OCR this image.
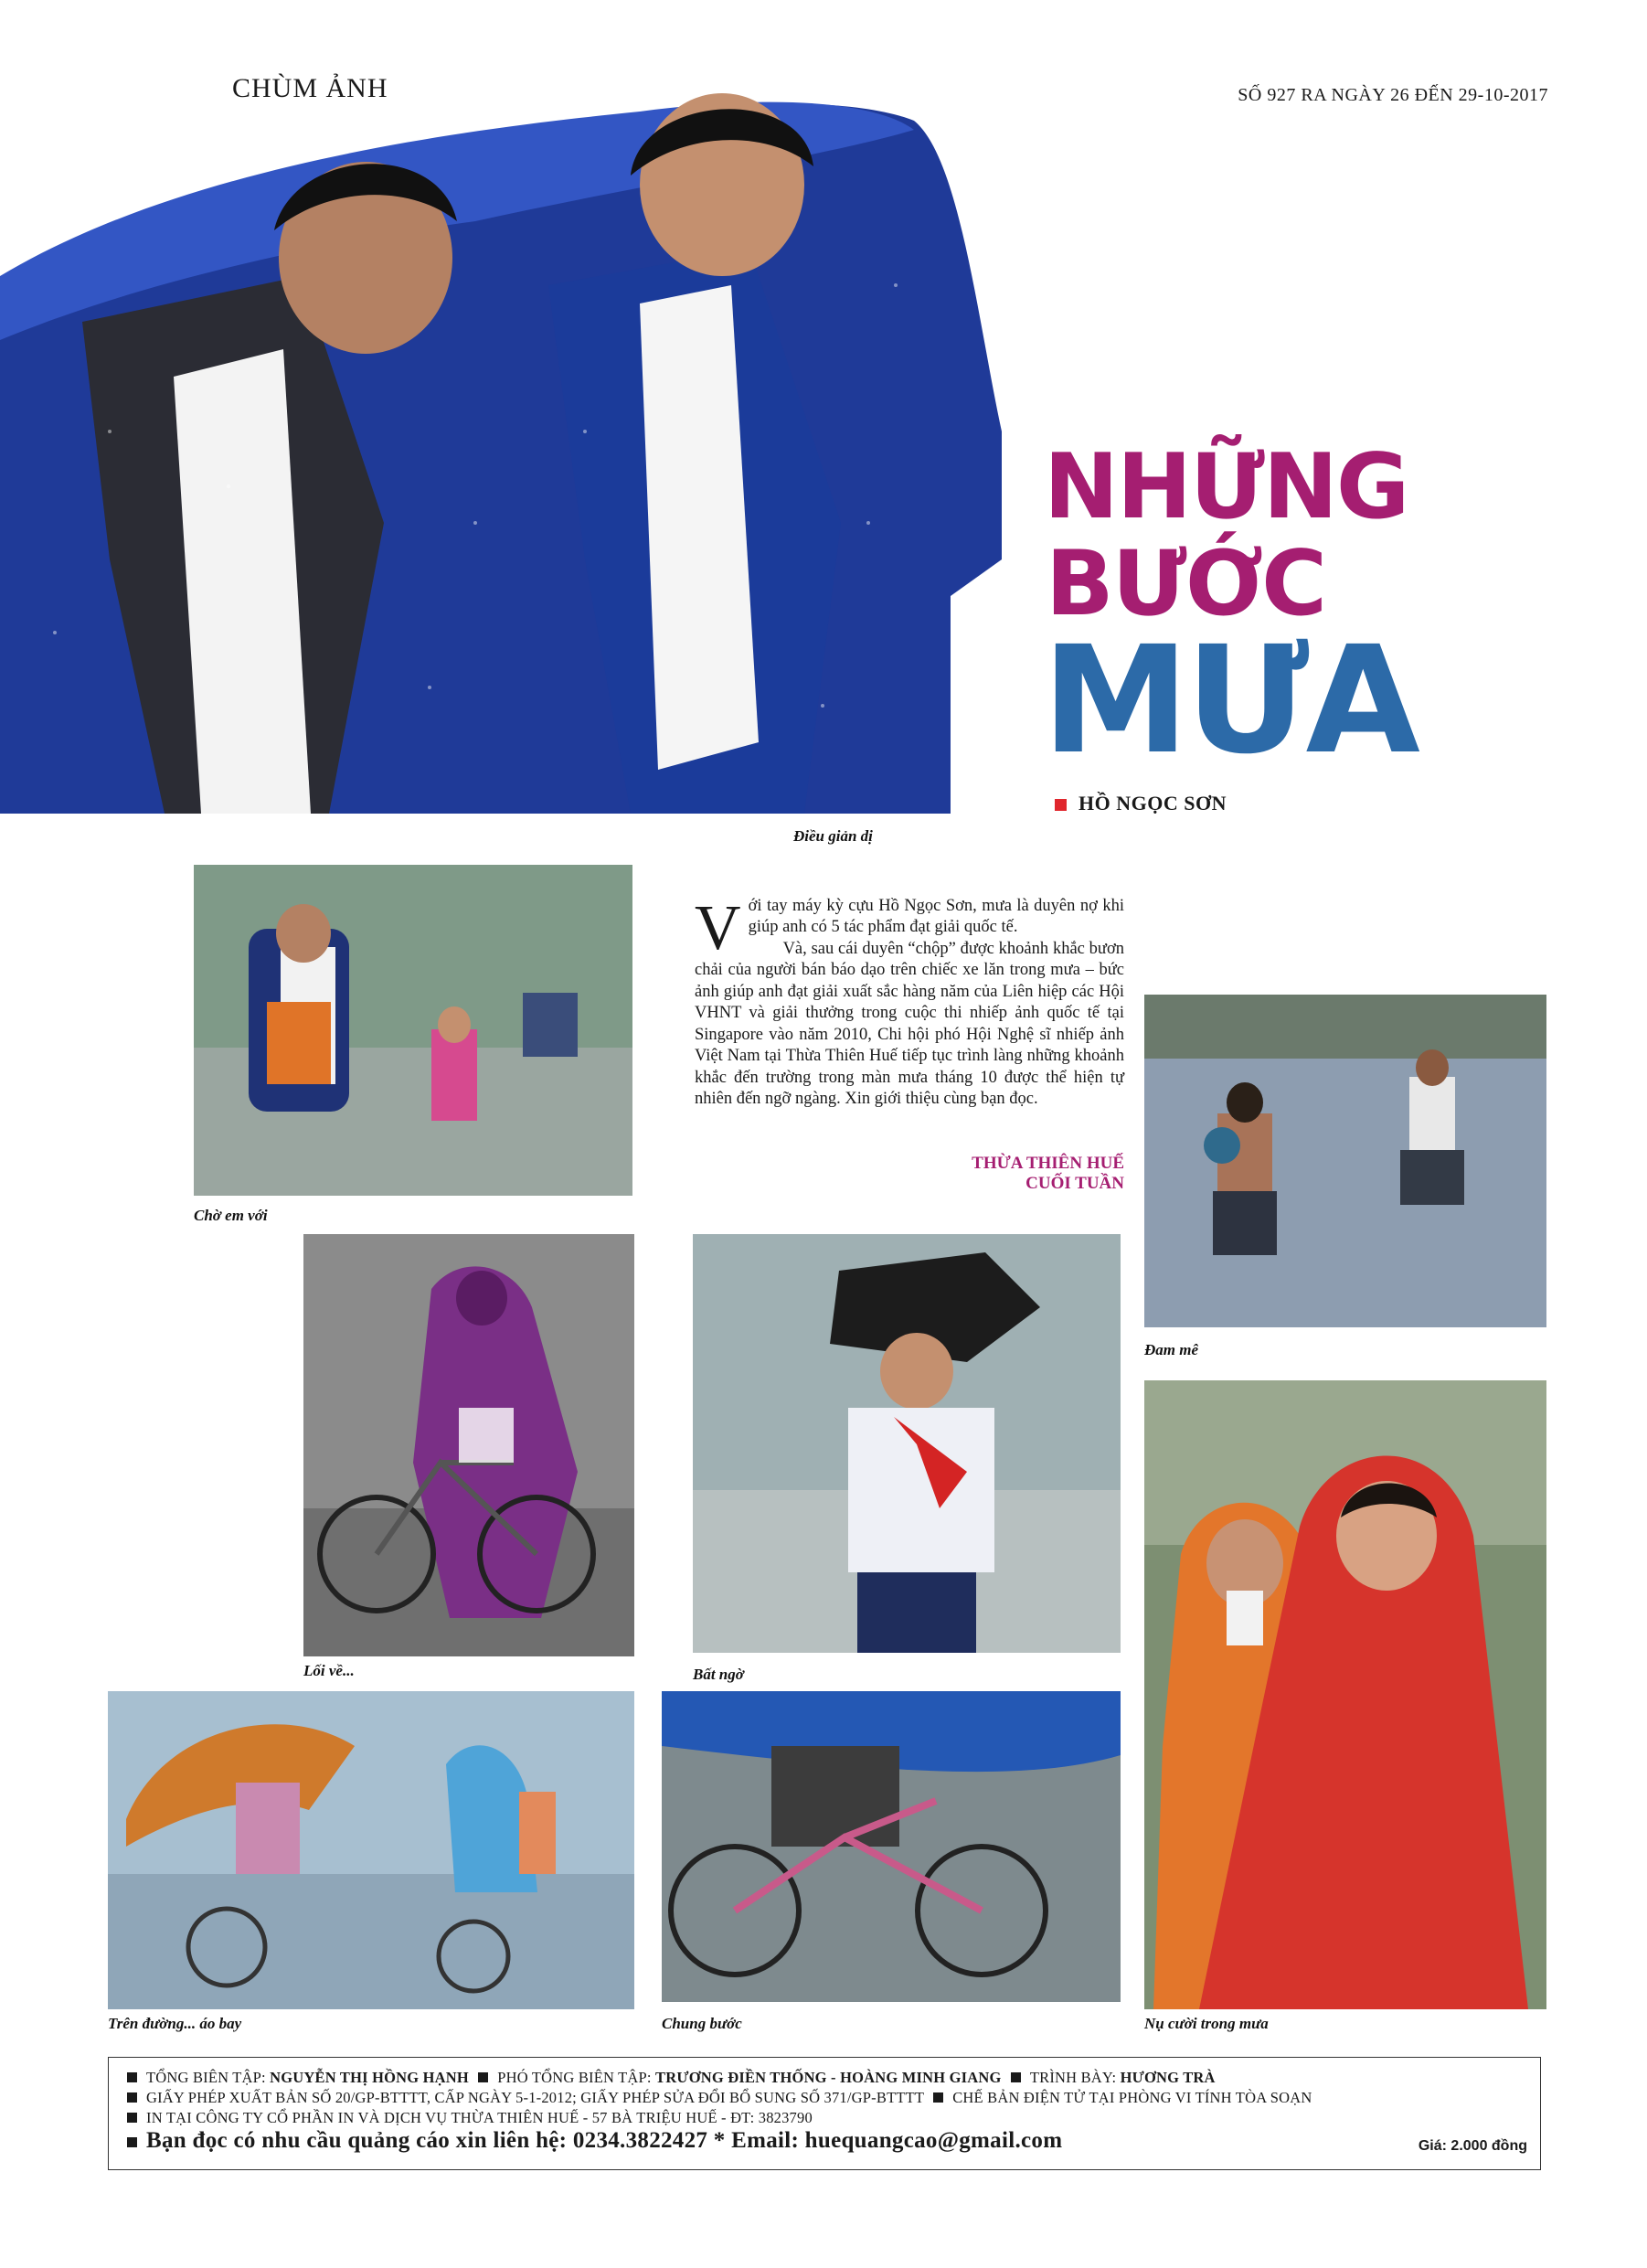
CHÙM ẢNH	SỐ 927 RA NGÀY 26 ĐẾN 29-10-2017
NHỮNG
BƯỚC
MƯA
HỒ NGỌC SƠN
Điều giản dị
Chờ em với

Với tay máy kỳ cựu Hồ Ngọc Sơn, mưa là duyên nợ khi giúp anh có 5 tác phẩm đạt giải quốc tế.

Và, sau cái duyên “chộp” được khoảnh khắc bươn chải của người bán báo dạo trên chiếc xe lăn trong mưa – bức ảnh giúp anh đạt giải xuất sắc hàng năm của Liên hiệp các Hội VHNT và giải thưởng trong cuộc thi nhiếp ảnh quốc tế tại Singapore vào năm 2010, Chi hội phó Hội Nghệ sĩ nhiếp ảnh Việt Nam tại Thừa Thiên Huế tiếp tục trình làng những khoảnh khắc đến trường trong màn mưa tháng 10 được thể hiện tự nhiên đến ngỡ ngàng. Xin giới thiệu cùng bạn đọc.

THỪA THIÊN HUẾ
CUỐI TUẦN
Đam mê
Lối về...	Bất ngờ
Trên đường... áo bay	Chung bước	Nụ cười trong mưa
TỔNG BIÊN TẬP: NGUYỄN THỊ HỒNG HẠNH PHÓ TỔNG BIÊN TẬP: TRƯƠNG ĐIỀN THỐNG - HOÀNG MINH GIANG TRÌNH BÀY: HƯƠNG TRÀ
GIẤY PHÉP XUẤT BẢN SỐ 20/GP-BTTTT, CẤP NGÀY 5-1-2012; GIẤY PHÉP SỬA ĐỔI BỔ SUNG SỐ 371/GP-BTTTT CHẾ BẢN ĐIỆN TỬ TẠI PHÒNG VI TÍNH TÒA SOẠN
IN TẠI CÔNG TY CỔ PHẦN IN VÀ DỊCH VỤ THỪA THIÊN HUẾ - 57 BÀ TRIỆU HUẾ - ĐT: 3823790
Bạn đọc có nhu cầu quảng cáo xin liên hệ: 0234.3822427 * Email: huequangcao@gmail.com	Giá: 2.000 đồng
